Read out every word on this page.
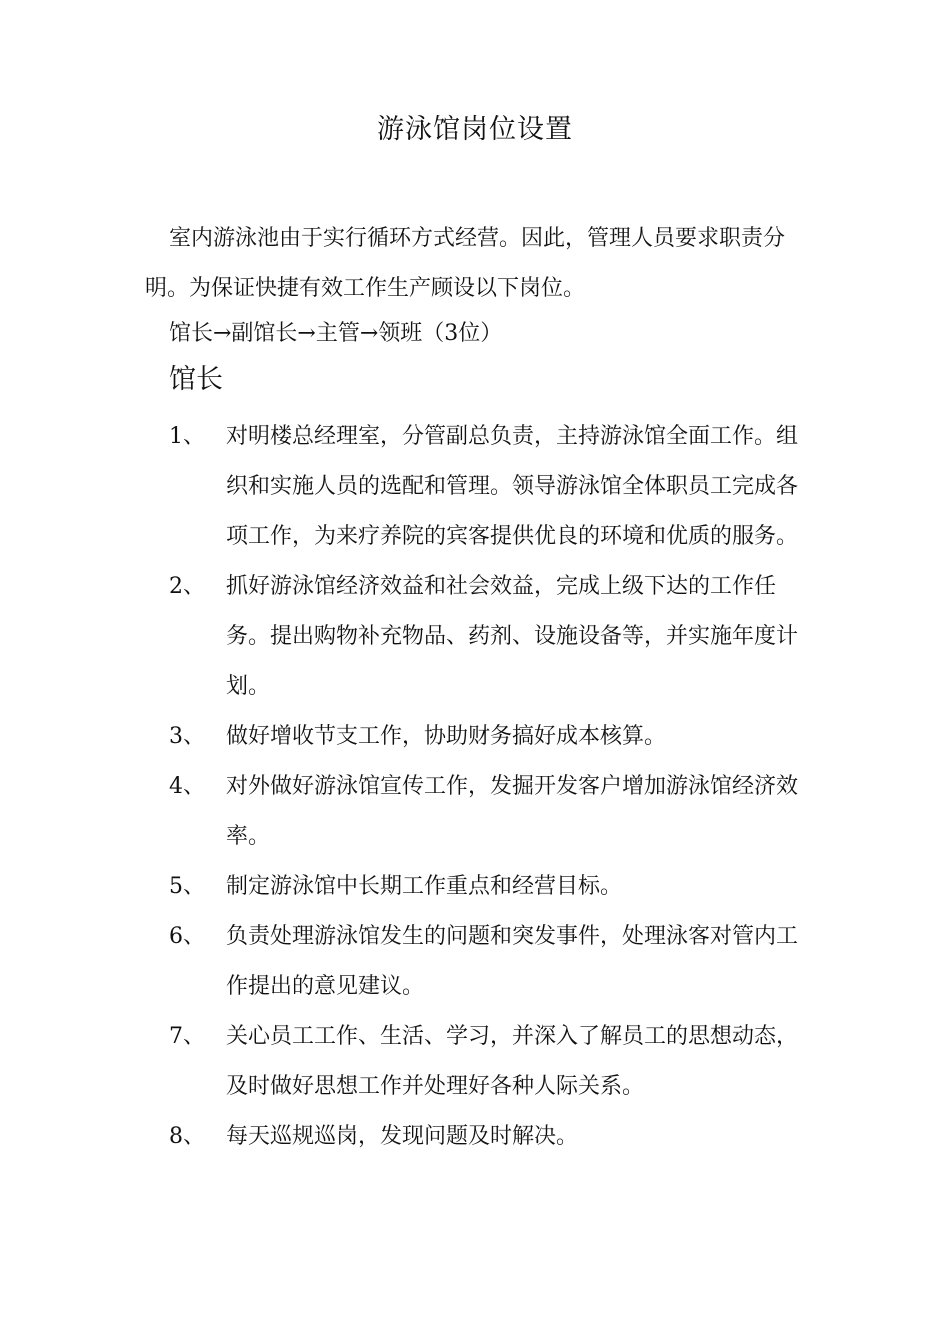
游泳馆岗位设置
室内游泳池由于实行循环方式经营。因此，管理人员要求职责分明。为保证快捷有效工作生产顾设以下岗位。
馆长→副馆长→主管→领班（3位）
馆长
1、 对明楼总经理室，分管副总负责，主持游泳馆全面工作。组织和实施人员的选配和管理。领导游泳馆全体职员工完成各项工作，为来疗养院的宾客提供优良的环境和优质的服务。
2、 抓好游泳馆经济效益和社会效益，完成上级下达的工作任务。提出购物补充物品、药剂、设施设备等，并实施年度计划。
3、 做好增收节支工作，协助财务搞好成本核算。
4、 对外做好游泳馆宣传工作，发掘开发客户增加游泳馆经济效率。
5、 制定游泳馆中长期工作重点和经营目标。
6、 负责处理游泳馆发生的问题和突发事件，处理泳客对管内工作提出的意见建议。
7、 关心员工工作、生活、学习，并深入了解员工的思想动态，及时做好思想工作并处理好各种人际关系。
8、 每天巡规巡岗，发现问题及时解决。
